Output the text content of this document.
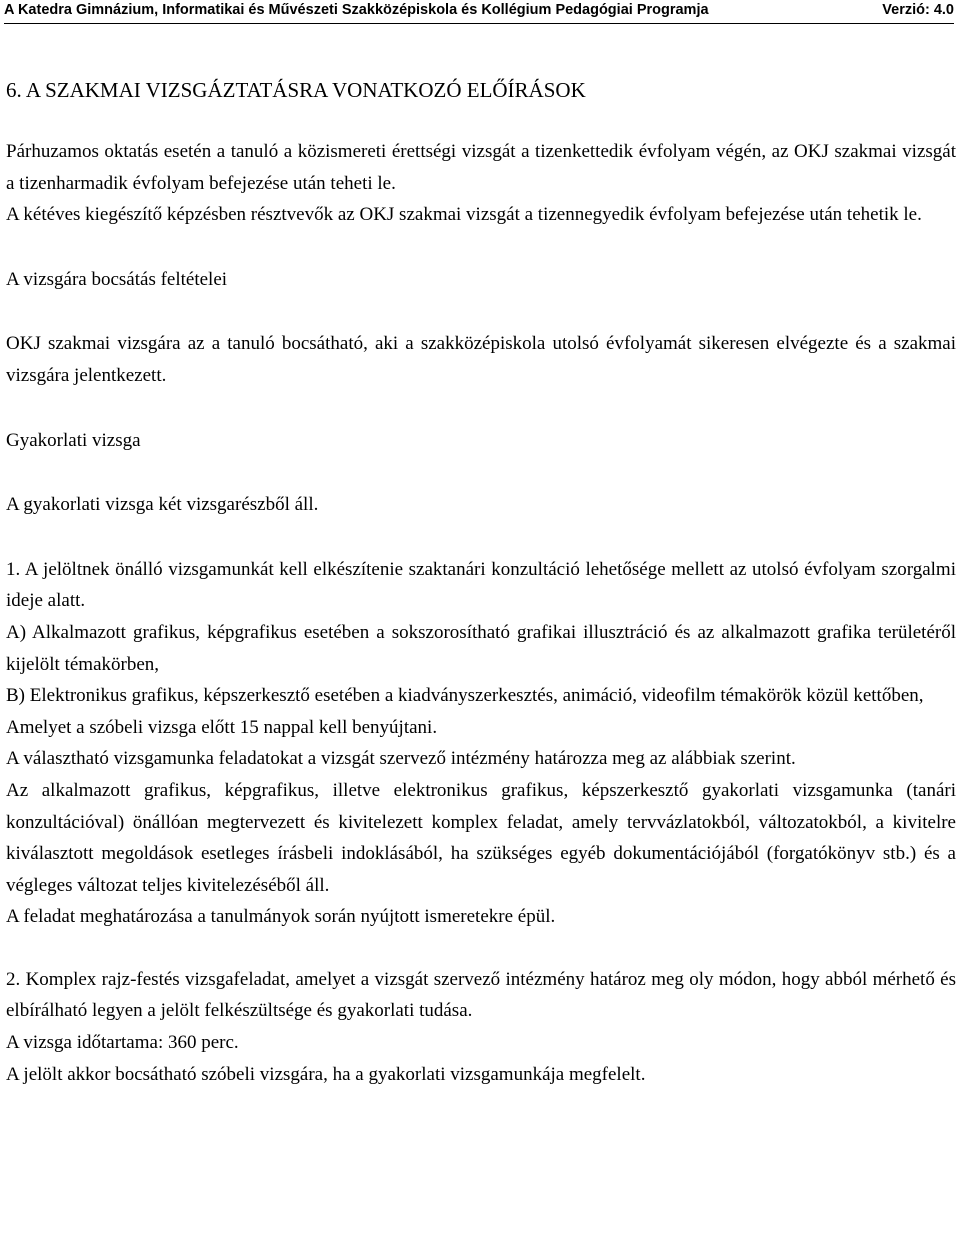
A Katedra Gimnázium, Informatikai és Művészeti Szakközépiskola és Kollégium Pedagógiai Programja	Verzió: 4.0

6. A SZAKMAI VIZSGÁZTATÁSRA VONATKOZÓ ELŐÍRÁSOK

Párhuzamos oktatás esetén a tanuló a közismereti érettségi vizsgát a tizenkettedik évfolyam végén, az OKJ szakmai vizsgát a tizenharmadik évfolyam befejezése után teheti le.

A kétéves kiegészítő képzésben résztvevők az OKJ szakmai vizsgát a tizennegyedik évfolyam befejezése után tehetik le.

A vizsgára bocsátás feltételei

OKJ szakmai vizsgára az a tanuló bocsátható, aki a szakközépiskola utolsó évfolyamát sikeresen elvégezte és a szakmai vizsgára jelentkezett.

Gyakorlati vizsga

A gyakorlati vizsga két vizsgarészből áll.

1. A jelöltnek önálló vizsgamunkát kell elkészítenie szaktanári konzultáció lehetősége mellett az utolsó évfolyam szorgalmi ideje alatt.

A) Alkalmazott grafikus, képgrafikus esetében a sokszorosítható grafikai illusztráció és az alkalmazott grafika területéről kijelölt témakörben,

B) Elektronikus grafikus, képszerkesztő esetében a kiadványszerkesztés, animáció, videofilm témakörök közül kettőben,

Amelyet a szóbeli vizsga előtt 15 nappal kell benyújtani.

A választható vizsgamunka feladatokat a vizsgát szervező intézmény határozza meg az alábbiak szerint.

Az alkalmazott grafikus, képgrafikus, illetve elektronikus grafikus, képszerkesztő gyakorlati vizsgamunka (tanári konzultációval) önállóan megtervezett és kivitelezett komplex feladat, amely tervvázlatokból, változatokból, a kivitelre kiválasztott megoldások esetleges írásbeli indoklásából, ha szükséges egyéb dokumentációjából (forgatókönyv stb.) és a végleges változat teljes kivitelezéséből áll.

A feladat meghatározása a tanulmányok során nyújtott ismeretekre épül.

2. Komplex rajz-festés vizsgafeladat, amelyet a vizsgát szervező intézmény határoz meg oly módon, hogy abból mérhető és elbírálható legyen a jelölt felkészültsége és gyakorlati tudása.

A vizsga időtartama: 360 perc.

A jelölt akkor bocsátható szóbeli vizsgára, ha a gyakorlati vizsgamunkája megfelelt.
